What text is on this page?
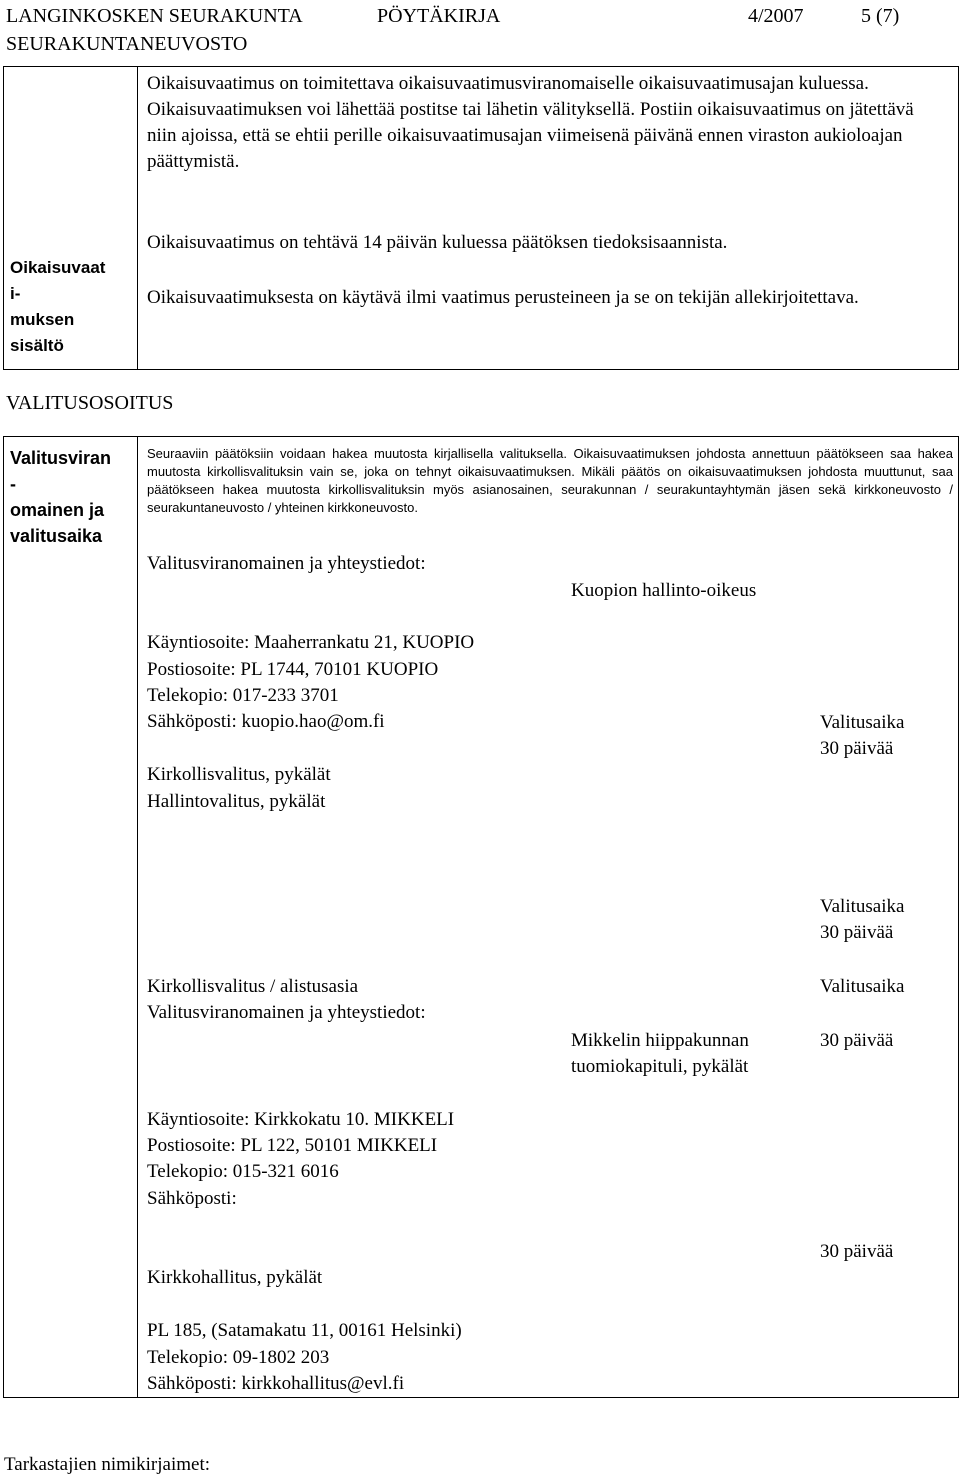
LANGINKOSKEN SEURAKUNTA	PÖYTÄKIRJA	4/2007	5 (7)
SEURAKUNTANEUVOSTO
Oikaisuvaatimus on toimitettava oikaisuvaatimusviranomaiselle oikaisuvaatimusajan kuluessa. Oikaisuvaatimuksen voi lähettää postitse tai lähetin välityksellä. Postiin oikaisuvaatimus on jätettävä niin ajoissa, että se ehtii perille oikaisuvaatimusajan viimeisenä päivänä ennen viraston aukioloajan päättymistä.
Oikaisuvaat
i-
muksen
sisältö
Oikaisuvaatimus on tehtävä 14 päivän kuluessa päätöksen tiedoksisaannista.
Oikaisuvaatimuksesta on käytävä ilmi vaatimus perusteineen ja se on tekijän allekirjoitettava.
VALITUSOSOITUS
Valitusviran
-
omainen ja
valitusaika
Seuraaviin päätöksiin voidaan hakea muutosta kirjallisella valituksella. Oikaisuvaatimuksen johdosta annettuun päätökseen saa hakea muutosta kirkollisvalituksin vain se, joka on tehnyt oikaisuvaatimuksen. Mikäli päätös on oikaisuvaatimuksen johdosta muuttunut, saa päätökseen hakea muutosta kirkollisvalituksin myös asianosainen, seurakunnan / seurakuntayhtymän jäsen sekä kirkkoneuvosto / seurakuntaneuvosto / yhteinen kirkkoneuvosto.
Valitusviranomainen ja yhteystiedot:
Kuopion hallinto-oikeus
Käyntiosoite: Maaherrankatu 21, KUOPIO
Postiosoite: PL 1744, 70101 KUOPIO
Telekopio: 017-233 3701
Sähköposti: kuopio.hao@om.fi
Kirkollisvalitus, pykälät
Hallintovalitus, pykälät
Valitusaika
30 päivää
Valitusaika
30 päivää
Kirkollisvalitus / alistusasia
Valitusviranomainen ja yhteystiedot:
Mikkelin hiippakunnan
tuomiokapituli, pykälät
Valitusaika
30 päivää
Käyntiosoite: Kirkkokatu 10. MIKKELI
Postiosoite: PL 122, 50101 MIKKELI
Telekopio: 015-321 6016
Sähköposti:
30 päivää
Kirkkohallitus, pykälät
PL 185, (Satamakatu 11, 00161 Helsinki)
Telekopio: 09-1802 203
Sähköposti: kirkkohallitus@evl.fi
Tarkastajien nimikirjaimet:
